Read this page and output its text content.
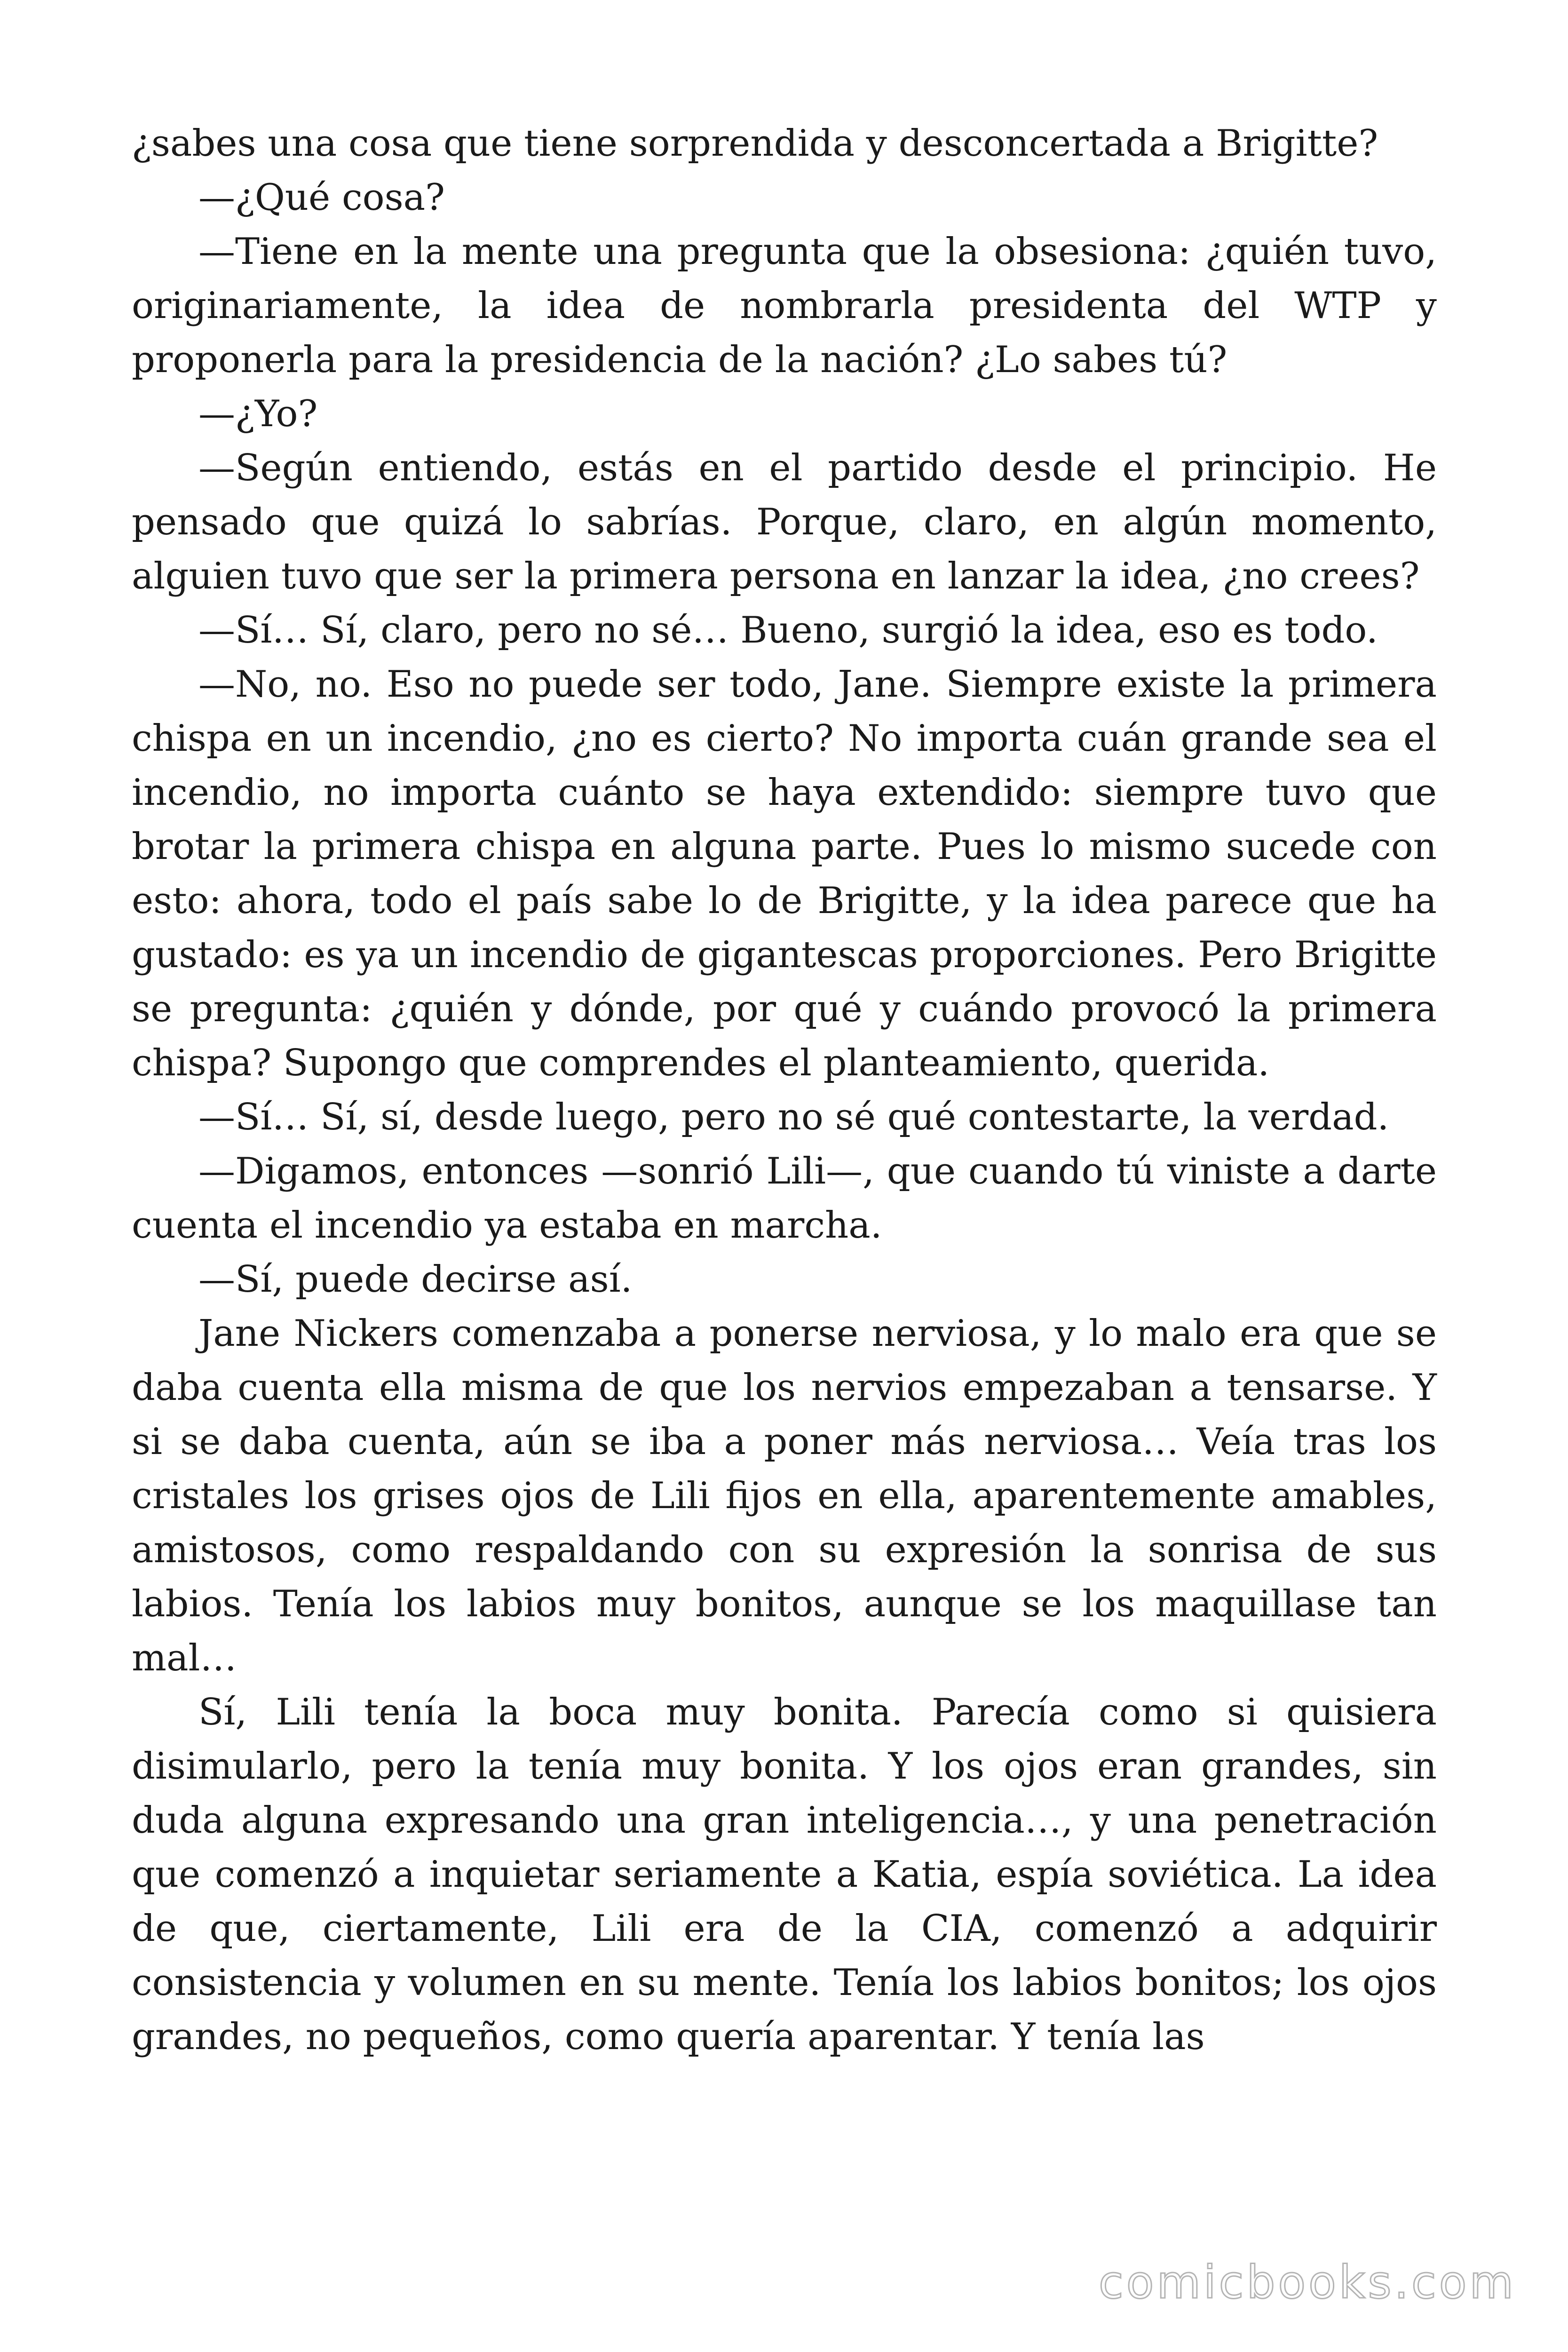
¿sabes una cosa que tiene sorprendida y desconcertada a Brigitte?

—¿Qué cosa?

—Tiene en la mente una pregunta que la obsesiona: ¿quién tuvo, originariamente, la idea de nombrarla presidenta del WTP y proponerla para la presidencia de la nación? ¿Lo sabes tú?

—¿Yo?

—Según entiendo, estás en el partido desde el principio. He pensado que quizá lo sabrías. Porque, claro, en algún momento, alguien tuvo que ser la primera persona en lanzar la idea, ¿no crees?

—Sí… Sí, claro, pero no sé… Bueno, surgió la idea, eso es todo.

—No, no. Eso no puede ser todo, Jane. Siempre existe la primera chispa en un incendio, ¿no es cierto? No importa cuán grande sea el incendio, no importa cuánto se haya extendido: siempre tuvo que brotar la primera chispa en alguna parte. Pues lo mismo sucede con esto: ahora, todo el país sabe lo de Brigitte, y la idea parece que ha gustado: es ya un incendio de gigantescas proporciones. Pero Brigitte se pregunta: ¿quién y dónde, por qué y cuándo provocó la primera chispa? Supongo que comprendes el planteamiento, querida.

—Sí… Sí, sí, desde luego, pero no sé qué contestarte, la verdad.

—Digamos, entonces —sonrió Lili—, que cuando tú viniste a darte cuenta el incendio ya estaba en marcha.

—Sí, puede decirse así.

Jane Nickers comenzaba a ponerse nerviosa, y lo malo era que se daba cuenta ella misma de que los nervios empezaban a tensarse. Y si se daba cuenta, aún se iba a poner más nerviosa… Veía tras los cristales los grises ojos de Lili fijos en ella, aparentemente amables, amistosos, como respaldando con su expresión la sonrisa de sus labios. Tenía los labios muy bonitos, aunque se los maquillase tan mal…

Sí, Lili tenía la boca muy bonita. Parecía como si quisiera disimularlo, pero la tenía muy bonita. Y los ojos eran grandes, sin duda alguna expresando una gran inteligencia…, y una penetración que comenzó a inquietar seriamente a Katia, espía soviética. La idea de que, ciertamente, Lili era de la CIA, comenzó a adquirir consistencia y volumen en su mente. Tenía los labios bonitos; los ojos grandes, no pequeños, como quería aparentar. Y tenía las

comicbooks.com
